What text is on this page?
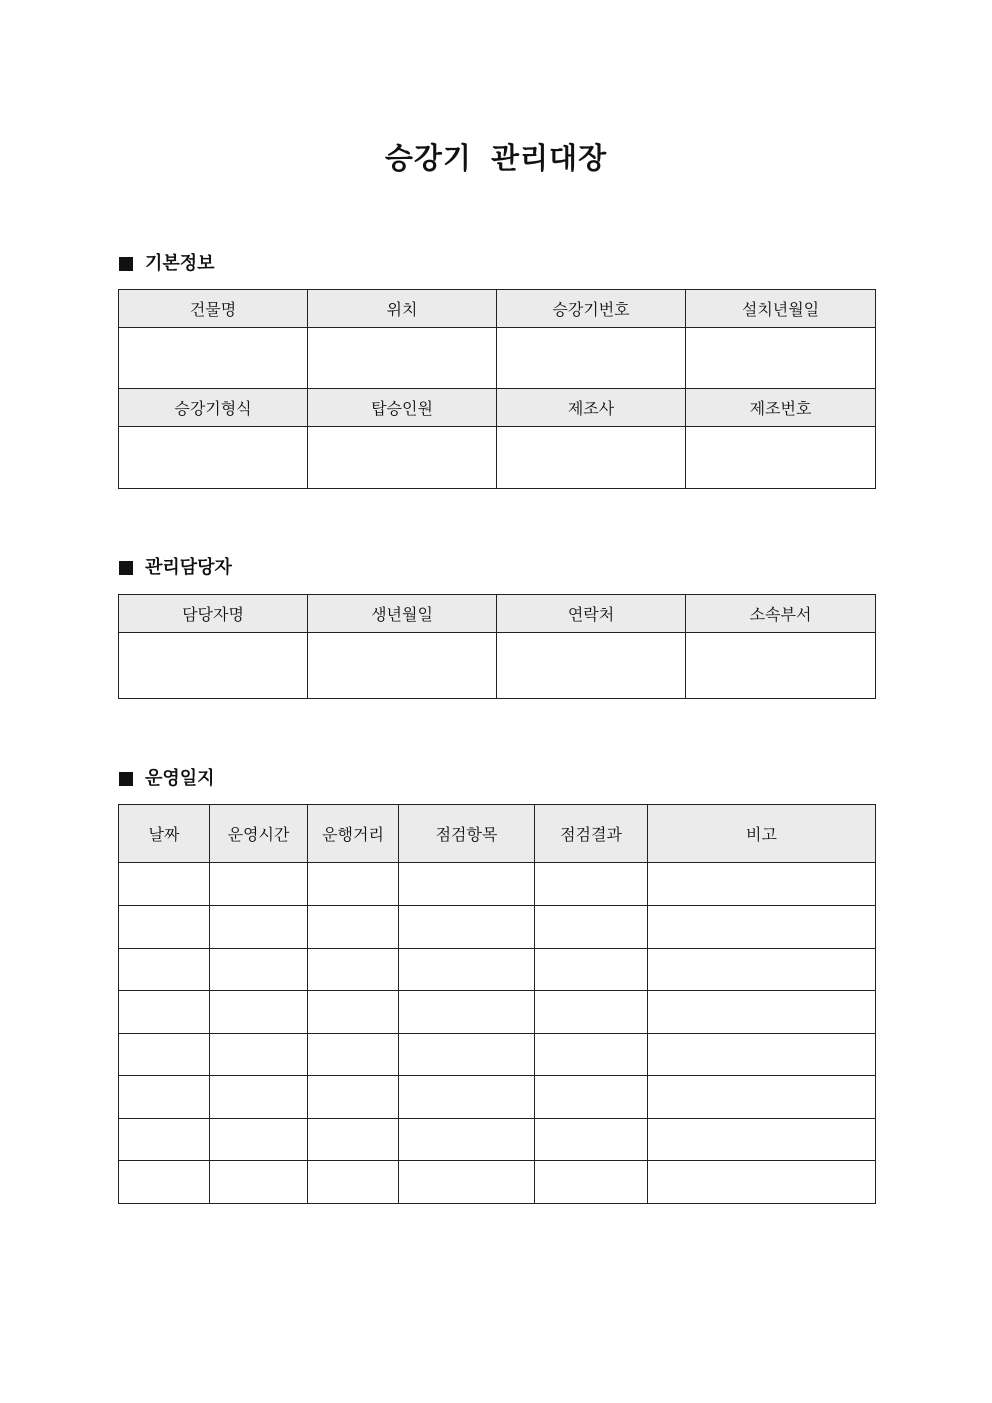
승강기 관리대장
기본정보
건물명	위치	승강기번호	설치년월일

승강기형식	탑승인원	제조사	제조번호

관리담당자
담당자명	생년월일	연락처	소속부서

운영일지
날짜	운영시간	운행거리	점검항목	점검결과	비고
